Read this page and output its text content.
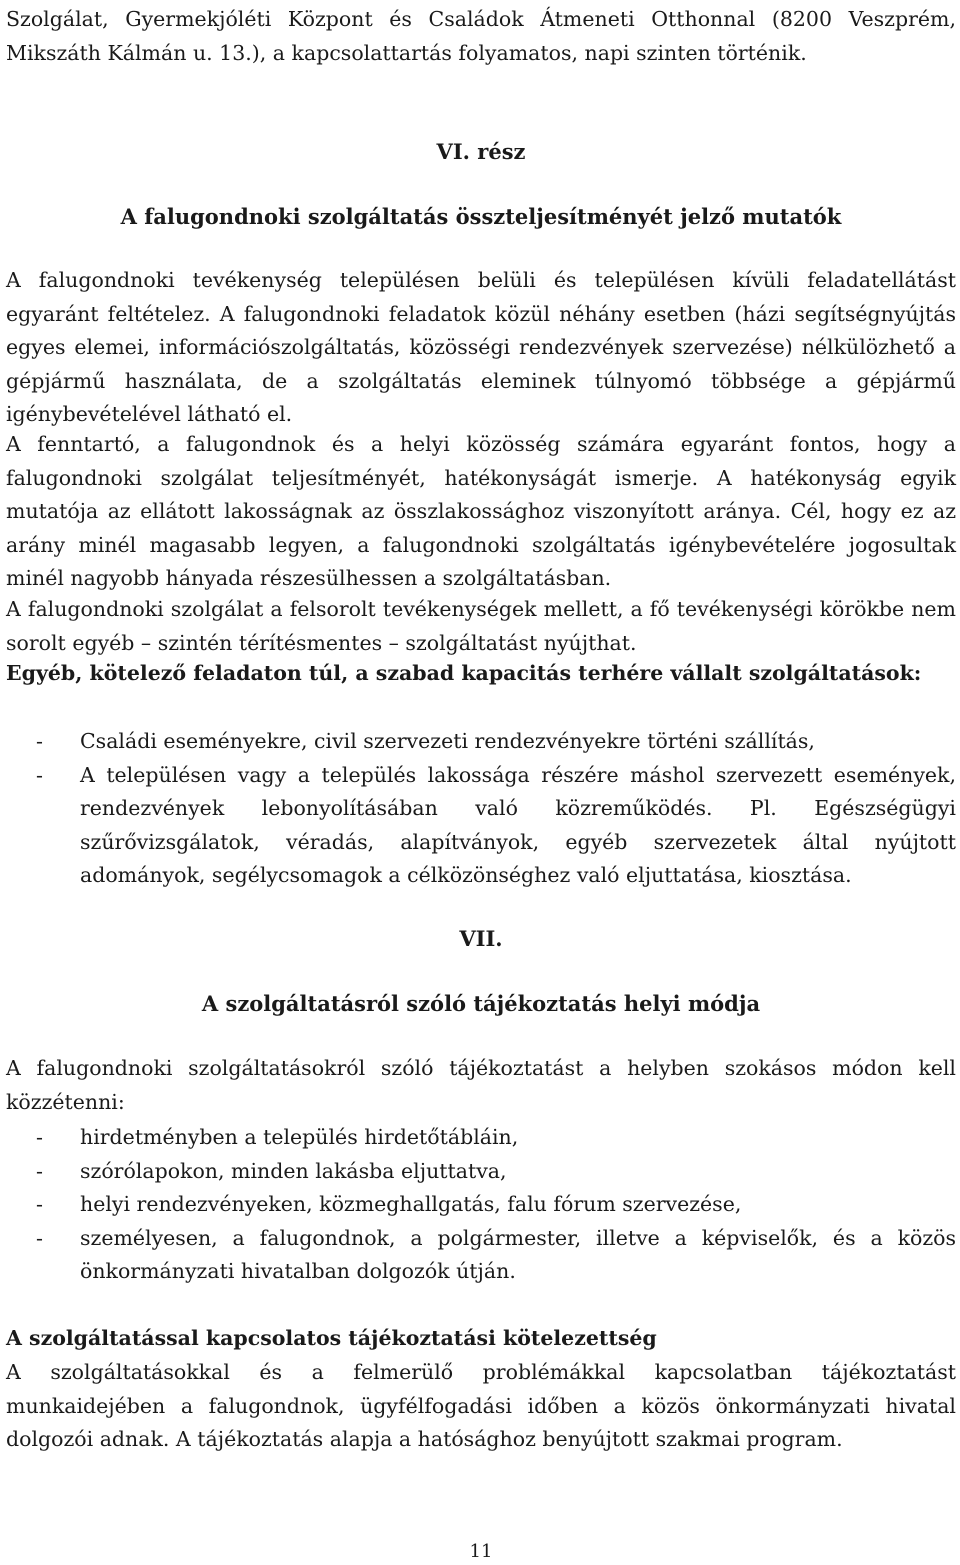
Szolgálat, Gyermekjóléti Központ és Családok Átmeneti Otthonnal (8200 Veszprém, Mikszáth Kálmán u. 13.), a kapcsolattartás folyamatos, napi szinten történik.

VI. rész
A falugondnoki szolgáltatás összteljesítményét jelző mutatók

A falugondnoki tevékenység településen belüli és településen kívüli feladatellátást egyaránt feltételez. A falugondnoki feladatok közül néhány esetben (házi segítségnyújtás egyes elemei, információszolgáltatás, közösségi rendezvények szervezése) nélkülözhető a gépjármű használata, de a szolgáltatás eleminek túlnyomó többsége a gépjármű igénybevételével látható el.

A fenntartó, a falugondnok és a helyi közösség számára egyaránt fontos, hogy a falugondnoki szolgálat teljesítményét, hatékonyságát ismerje. A hatékonyság egyik mutatója az ellátott lakosságnak az összlakossághoz viszonyított aránya. Cél, hogy ez az arány minél magasabb legyen, a falugondnoki szolgáltatás igénybevételére jogosultak minél nagyobb hányada részesülhessen a szolgáltatásban.

A falugondnoki szolgálat a felsorolt tevékenységek mellett, a fő tevékenységi körökbe nem sorolt egyéb – szintén térítésmentes – szolgáltatást nyújthat.

Egyéb, kötelező feladaton túl, a szabad kapacitás terhére vállalt szolgáltatások:

- Családi eseményekre, civil szervezeti rendezvényekre történi szállítás,
- A településen vagy a település lakossága részére máshol szervezett események, rendezvények lebonyolításában való közreműködés. Pl. Egészségügyi szűrővizsgálatok, véradás, alapítványok, egyéb szervezetek által nyújtott adományok, segélycsomagok a célközönséghez való eljuttatása, kiosztása.
VII.
A szolgáltatásról szóló tájékoztatás helyi módja

A falugondnoki szolgáltatásokról szóló tájékoztatást a helyben szokásos módon kell közzétenni:

- hirdetményben a település hirdetőtábláin,
- szórólapokon, minden lakásba eljuttatva,
- helyi rendezvényeken, közmeghallgatás, falu fórum szervezése,
- személyesen, a falugondnok, a polgármester, illetve a képviselők, és a közös önkormányzati hivatalban dolgozók útján.
A szolgáltatással kapcsolatos tájékoztatási kötelezettség

A szolgáltatásokkal és a felmerülő problémákkal kapcsolatban tájékoztatást munkaidejében a falugondnok, ügyfélfogadási időben a közös önkormányzati hivatal dolgozói adnak. A tájékoztatás alapja a hatósághoz benyújtott szakmai program.

11
